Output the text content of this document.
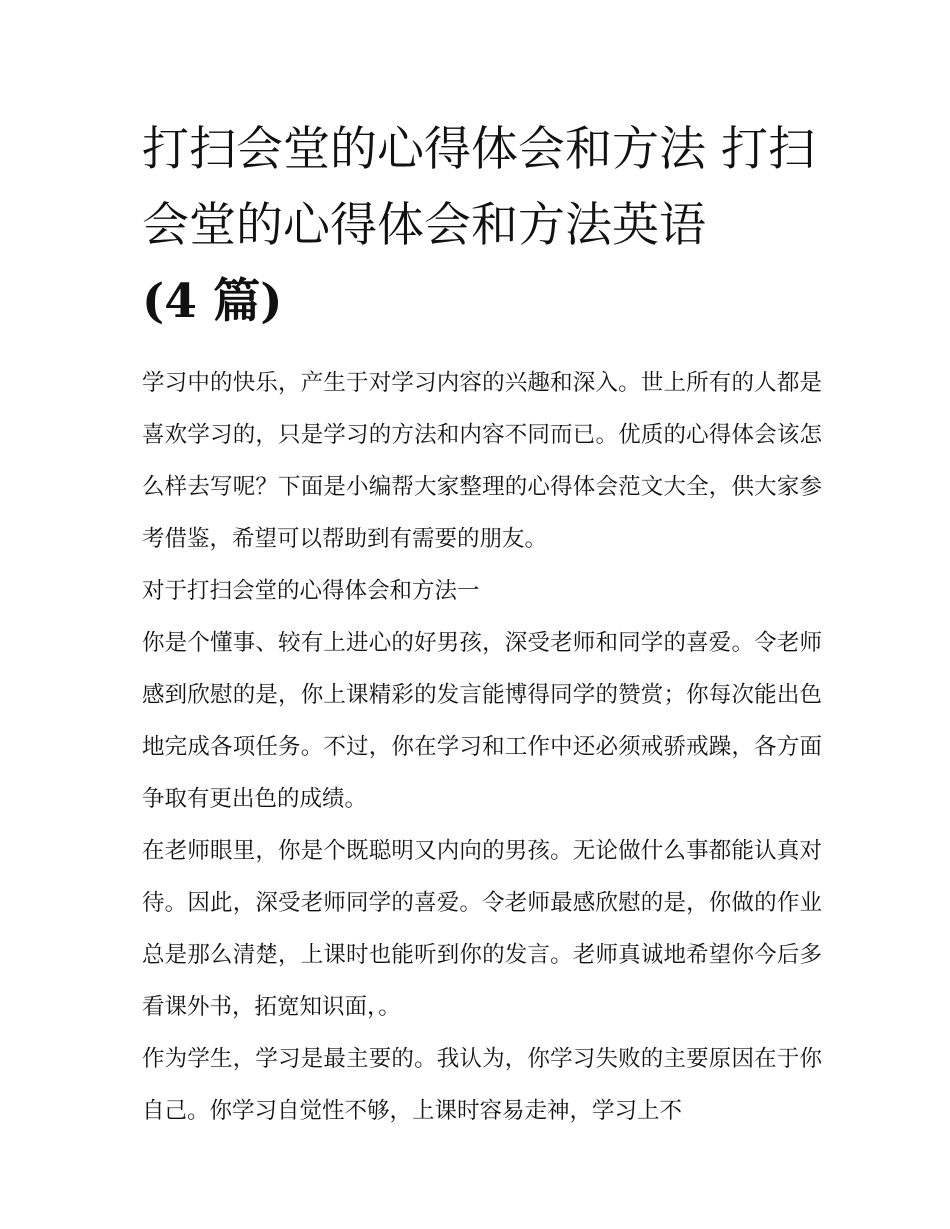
打扫会堂的心得体会和方法 打扫会堂的心得体会和方法英语
(4 篇)

学习中的快乐，产生于对学习内容的兴趣和深入。世上所有的人都是喜欢学习的，只是学习的方法和内容不同而已。优质的心得体会该怎么样去写呢？下面是小编帮大家整理的心得体会范文大全，供大家参考借鉴，希望可以帮助到有需要的朋友。

对于打扫会堂的心得体会和方法一

你是个懂事、较有上进心的好男孩，深受老师和同学的喜爱。令老师感到欣慰的是，你上课精彩的发言能博得同学的赞赏；你每次能出色地完成各项任务。不过，你在学习和工作中还必须戒骄戒躁，各方面争取有更出色的成绩。

在老师眼里，你是个既聪明又内向的男孩。无论做什么事都能认真对待。因此，深受老师同学的喜爱。令老师最感欣慰的是，你做的作业总是那么清楚，上课时也能听到你的发言。老师真诚地希望你今后多看课外书，拓宽知识面，。

作为学生，学习是最主要的。我认为，你学习失败的主要原因在于你自己。你学习自觉性不够，上课时容易走神，学习上不
